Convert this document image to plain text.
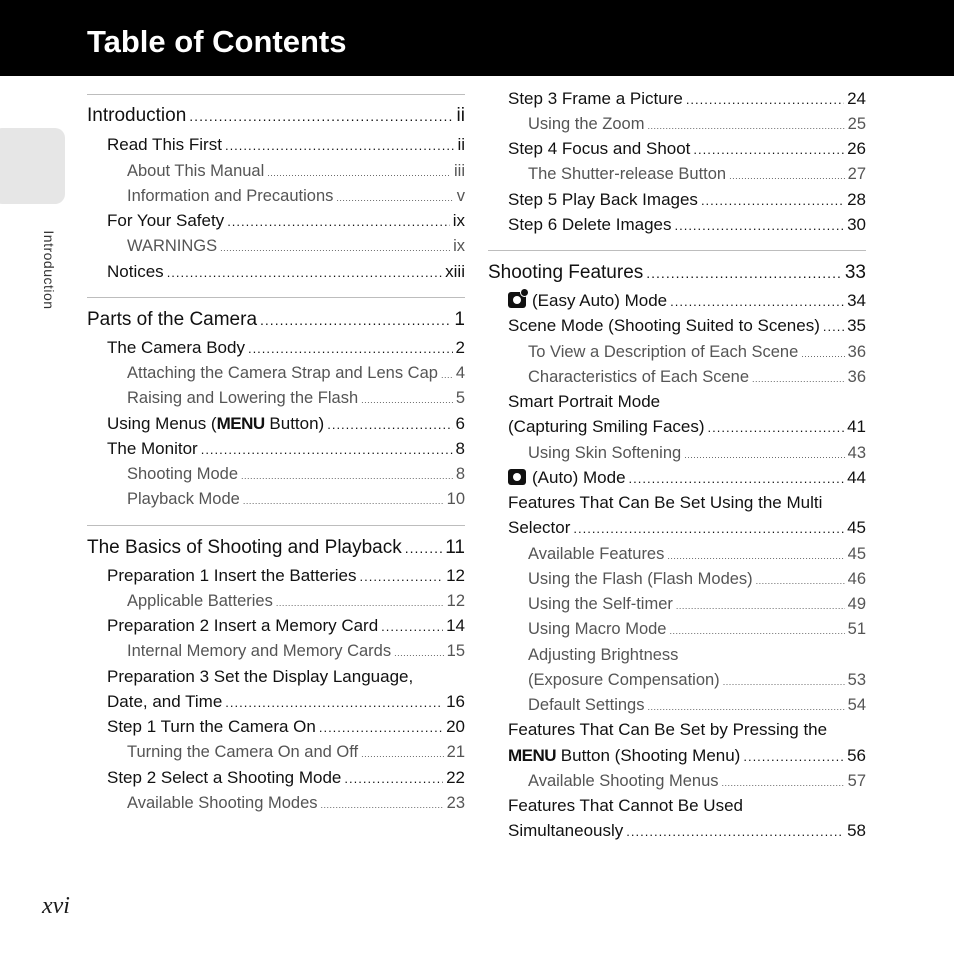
Table of Contents
Introduction
Introduction .....	ii
Read This First .....	ii
About This Manual .....	iii
Information and Precautions .....	v
For Your Safety .....	ix
WARNINGS .....	ix
Notices .....	xiii
Parts of the Camera .....	1
The Camera Body .....	2
Attaching the Camera Strap and Lens Cap ..... 4
Raising and Lowering the Flash .....	5
Using Menus (MENU Button) .....	6
The Monitor .....	8
Shooting Mode .....	8
Playback Mode .....	10
The Basics of Shooting and Playback ..... 11
Preparation 1 Insert the Batteries .....	12
Applicable Batteries .....	12
Preparation 2 Insert a Memory Card .....	14
Internal Memory and Memory Cards .....	15
Preparation 3 Set the Display Language,
Date, and Time .....	16
Step 1 Turn the Camera On .....	20
Turning the Camera On and Off .....	21
Step 2 Select a Shooting Mode .....	22
Available Shooting Modes .....	23
Step 3 Frame a Picture .....	24
Using the Zoom .....	25
Step 4 Focus and Shoot .....	26
The Shutter-release Button .....	27
Step 5 Play Back Images .....	28
Step 6 Delete Images .....	30
Shooting Features .....	33
(Easy Auto) Mode .....	34
Scene Mode (Shooting Suited to Scenes) ..... 35
To View a Description of Each Scene .....	36
Characteristics of Each Scene .....	36
Smart Portrait Mode
(Capturing Smiling Faces) .....	41
Using Skin Softening .....	43
(Auto) Mode .....	44
Features That Can Be Set Using the Multi
Selector .....	45
Available Features .....	45
Using the Flash (Flash Modes) .....	46
Using the Self-timer .....	49
Using Macro Mode .....	51
Adjusting Brightness
(Exposure Compensation) .....	53
Default Settings .....	54
Features That Can Be Set by Pressing the
MENU Button (Shooting Menu) .....	56
Available Shooting Menus .....	57
Features That Cannot Be Used
Simultaneously .....	58
xvi
